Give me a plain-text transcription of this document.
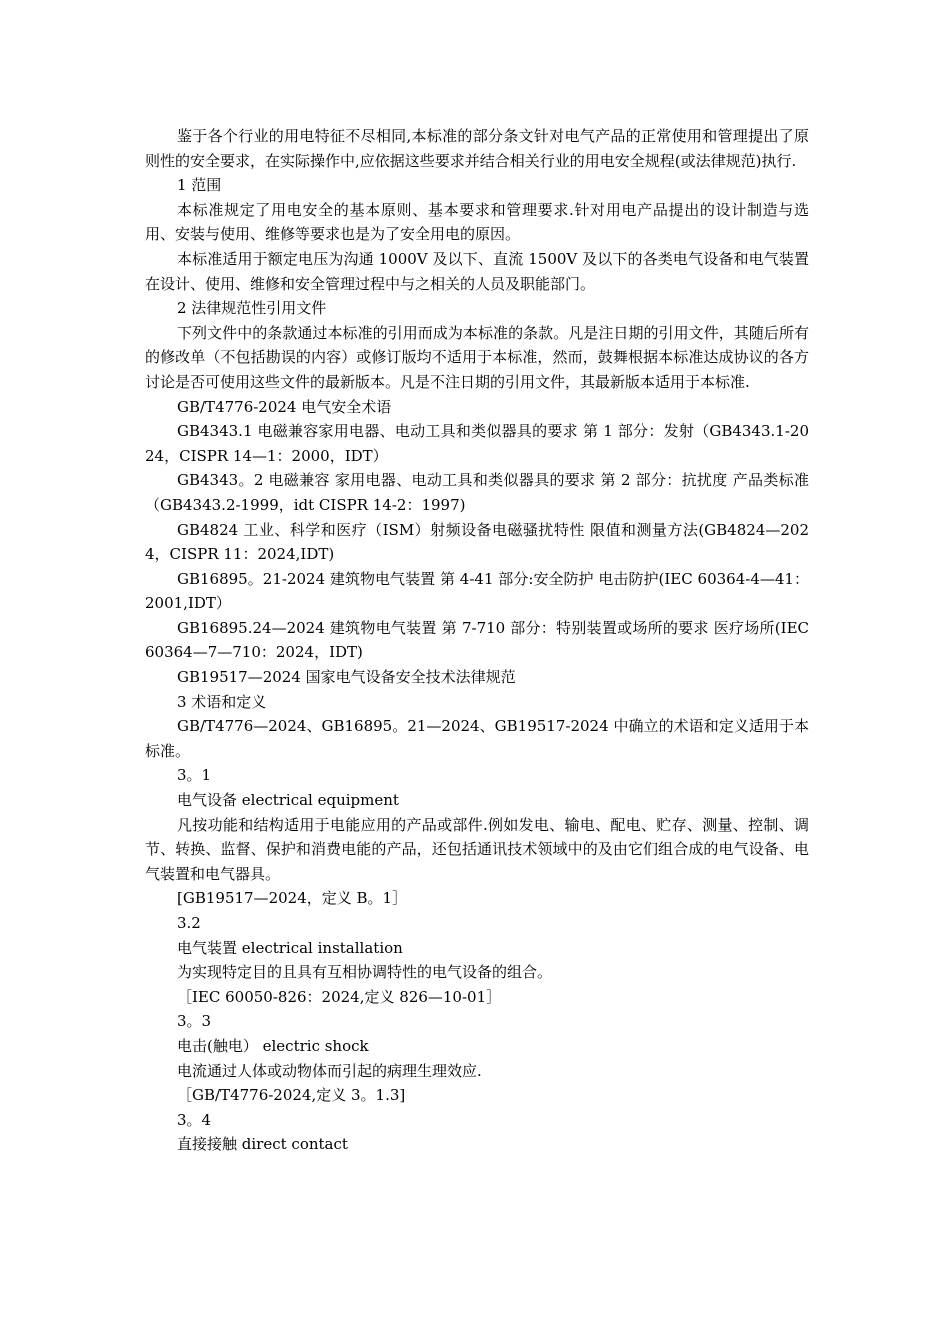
鉴于各个行业的用电特征不尽相同,本标准的部分条文针对电气产品的正常使用和管理提出了原则性的安全要求，在实际操作中,应依据这些要求并结合相关行业的用电安全规程(或法律规范)执行.

1 范围

本标准规定了用电安全的基本原则、基本要求和管理要求.针对用电产品提出的设计制造与选用、安装与使用、维修等要求也是为了安全用电的原因。

本标准适用于额定电压为沟通 1000V 及以下、直流 1500V 及以下的各类电气设备和电气装置在设计、使用、维修和安全管理过程中与之相关的人员及职能部门。

2 法律规范性引用文件

下列文件中的条款通过本标准的引用而成为本标准的条款。凡是注日期的引用文件，其随后所有的修改单（不包括勘误的内容）或修订版均不适用于本标准，然而，鼓舞根据本标准达成协议的各方讨论是否可使用这些文件的最新版本。凡是不注日期的引用文件，其最新版本适用于本标准.

GB/T4776-2024 电气安全术语

GB4343.1 电磁兼容家用电器、电动工具和类似器具的要求 第 1 部分：发射（GB4343.1-2024，CISPR 14—1：2000，IDT）

GB4343。2 电磁兼容 家用电器、电动工具和类似器具的要求 第 2 部分：抗扰度 产品类标准（GB4343.2-1999，idt CISPR 14-2：1997)

GB4824 工业、科学和医疗（ISM）射频设备电磁骚扰特性 限值和测量方法(GB4824—2024，CISPR 11：2024,IDT)

GB16895。21-2024 建筑物电气装置 第 4-41 部分:安全防护 电击防护(IEC 60364-4—41：2001,IDT）

GB16895.24—2024 建筑物电气装置 第 7-710 部分：特别装置或场所的要求 医疗场所(IEC60364—7—710：2024，IDT)

GB19517—2024 国家电气设备安全技术法律规范

3 术语和定义

GB/T4776—2024、GB16895。21—2024、GB19517-2024 中确立的术语和定义适用于本标准。

3。1

电气设备 electrical equipment

凡按功能和结构适用于电能应用的产品或部件.例如发电、输电、配电、贮存、测量、控制、调节、转换、监督、保护和消费电能的产品，还包括通讯技术领域中的及由它们组合成的电气设备、电气装置和电气器具。

[GB19517—2024，定义 B。1］

3.2

电气装置 electrical installation

为实现特定目的且具有互相协调特性的电气设备的组合。

［IEC 60050-826：2024,定义 826—10-01］

3。3

电击(触电） electric shock

电流通过人体或动物体而引起的病理生理效应.

［GB/T4776-2024,定义 3。1.3]

3。4

直接接触 direct contact
